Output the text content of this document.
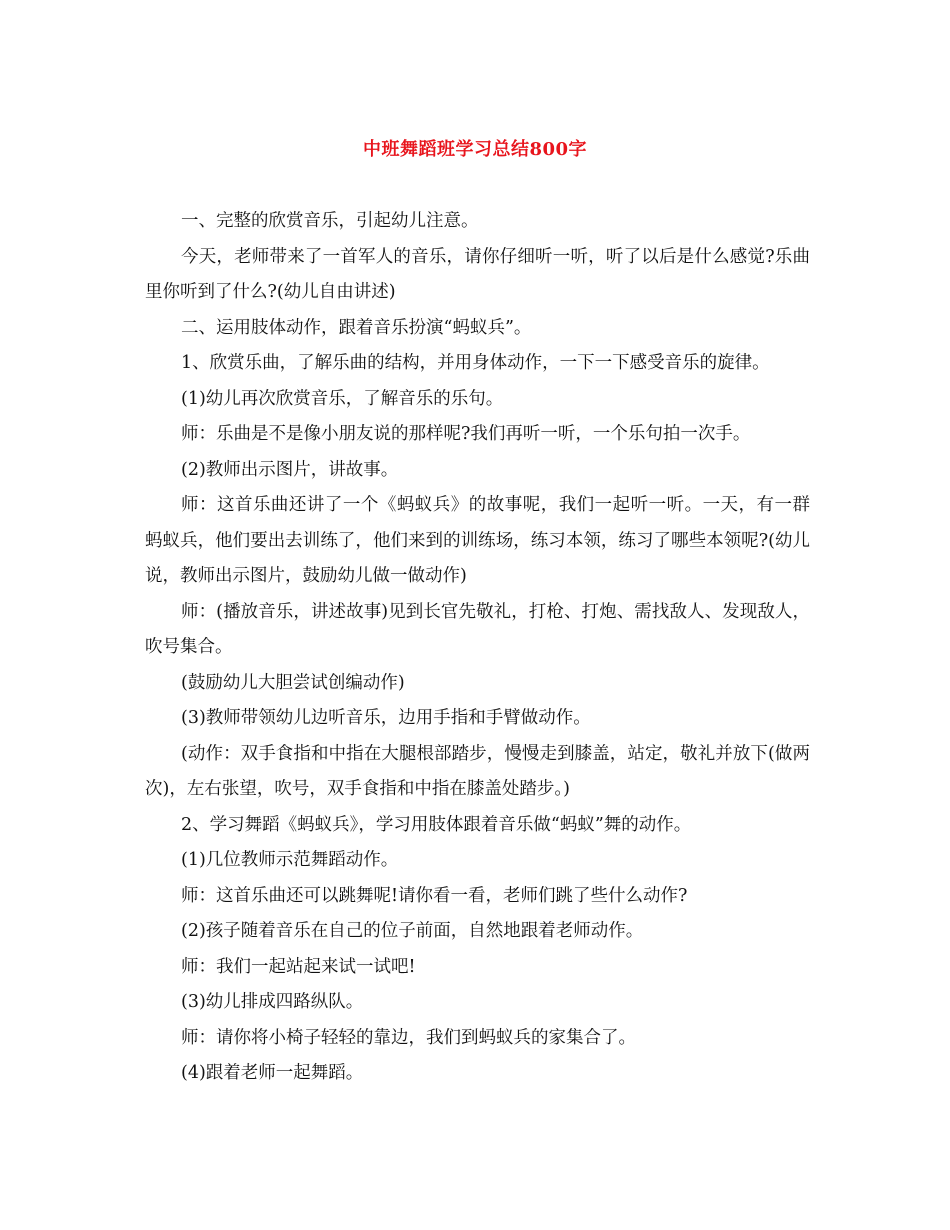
中班舞蹈班学习总结800字

一、完整的欣赏音乐，引起幼儿注意。

今天，老师带来了一首军人的音乐，请你仔细听一听，听了以后是什么感觉?乐曲里你听到了什么?(幼儿自由讲述)

二、运用肢体动作，跟着音乐扮演“蚂蚁兵”。

1、欣赏乐曲，了解乐曲的结构，并用身体动作，一下一下感受音乐的旋律。

(1)幼儿再次欣赏音乐，了解音乐的乐句。

师：乐曲是不是像小朋友说的那样呢?我们再听一听，一个乐句拍一次手。

(2)教师出示图片，讲故事。

师：这首乐曲还讲了一个《蚂蚁兵》的故事呢，我们一起听一听。一天，有一群蚂蚁兵，他们要出去训练了，他们来到的训练场，练习本领，练习了哪些本领呢?(幼儿说，教师出示图片，鼓励幼儿做一做动作)

师：(播放音乐，讲述故事)见到长官先敬礼，打枪、打炮、需找敌人、发现敌人，吹号集合。

(鼓励幼儿大胆尝试创编动作)

(3)教师带领幼儿边听音乐，边用手指和手臂做动作。

(动作：双手食指和中指在大腿根部踏步，慢慢走到膝盖，站定，敬礼并放下(做两次)，左右张望，吹号，双手食指和中指在膝盖处踏步。)

2、学习舞蹈《蚂蚁兵》，学习用肢体跟着音乐做“蚂蚁”舞的动作。

(1)几位教师示范舞蹈动作。

师：这首乐曲还可以跳舞呢!请你看一看，老师们跳了些什么动作?

(2)孩子随着音乐在自己的位子前面，自然地跟着老师动作。

师：我们一起站起来试一试吧!

(3)幼儿排成四路纵队。

师：请你将小椅子轻轻的靠边，我们到蚂蚁兵的家集合了。

(4)跟着老师一起舞蹈。
